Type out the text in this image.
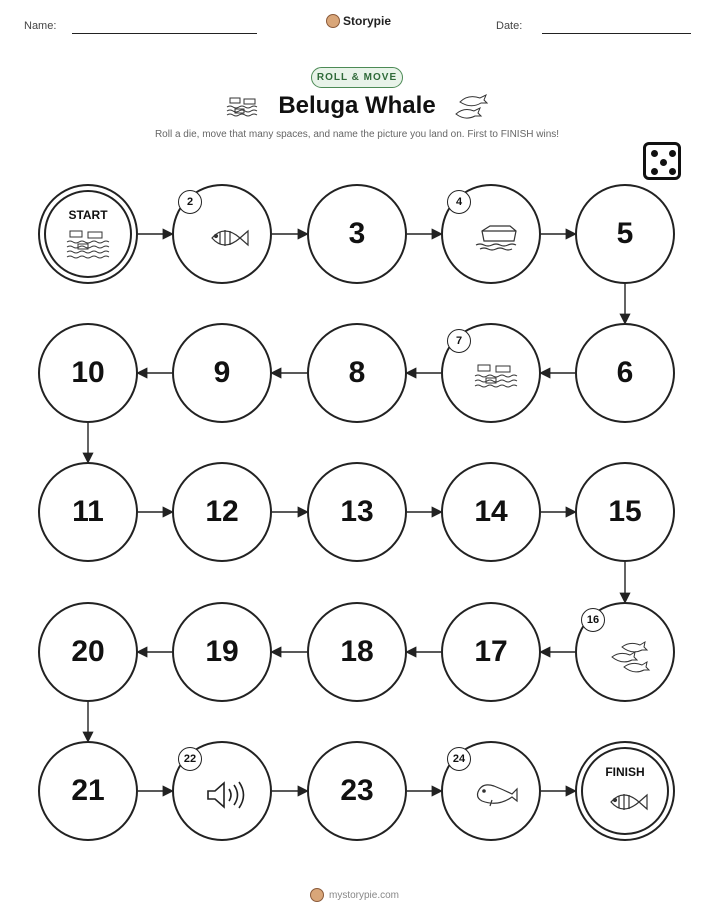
Name:	Storypie	Date:
ROLL & MOVE
Beluga Whale
Roll a die, move that many spaces, and name the picture you land on. First to FINISH wins!
START
FINISH
2
3
4
5
6
7
8
9
10
11	12	13	14	15
16
17
18
19
20
21
22
23
24
mystorypie.com
